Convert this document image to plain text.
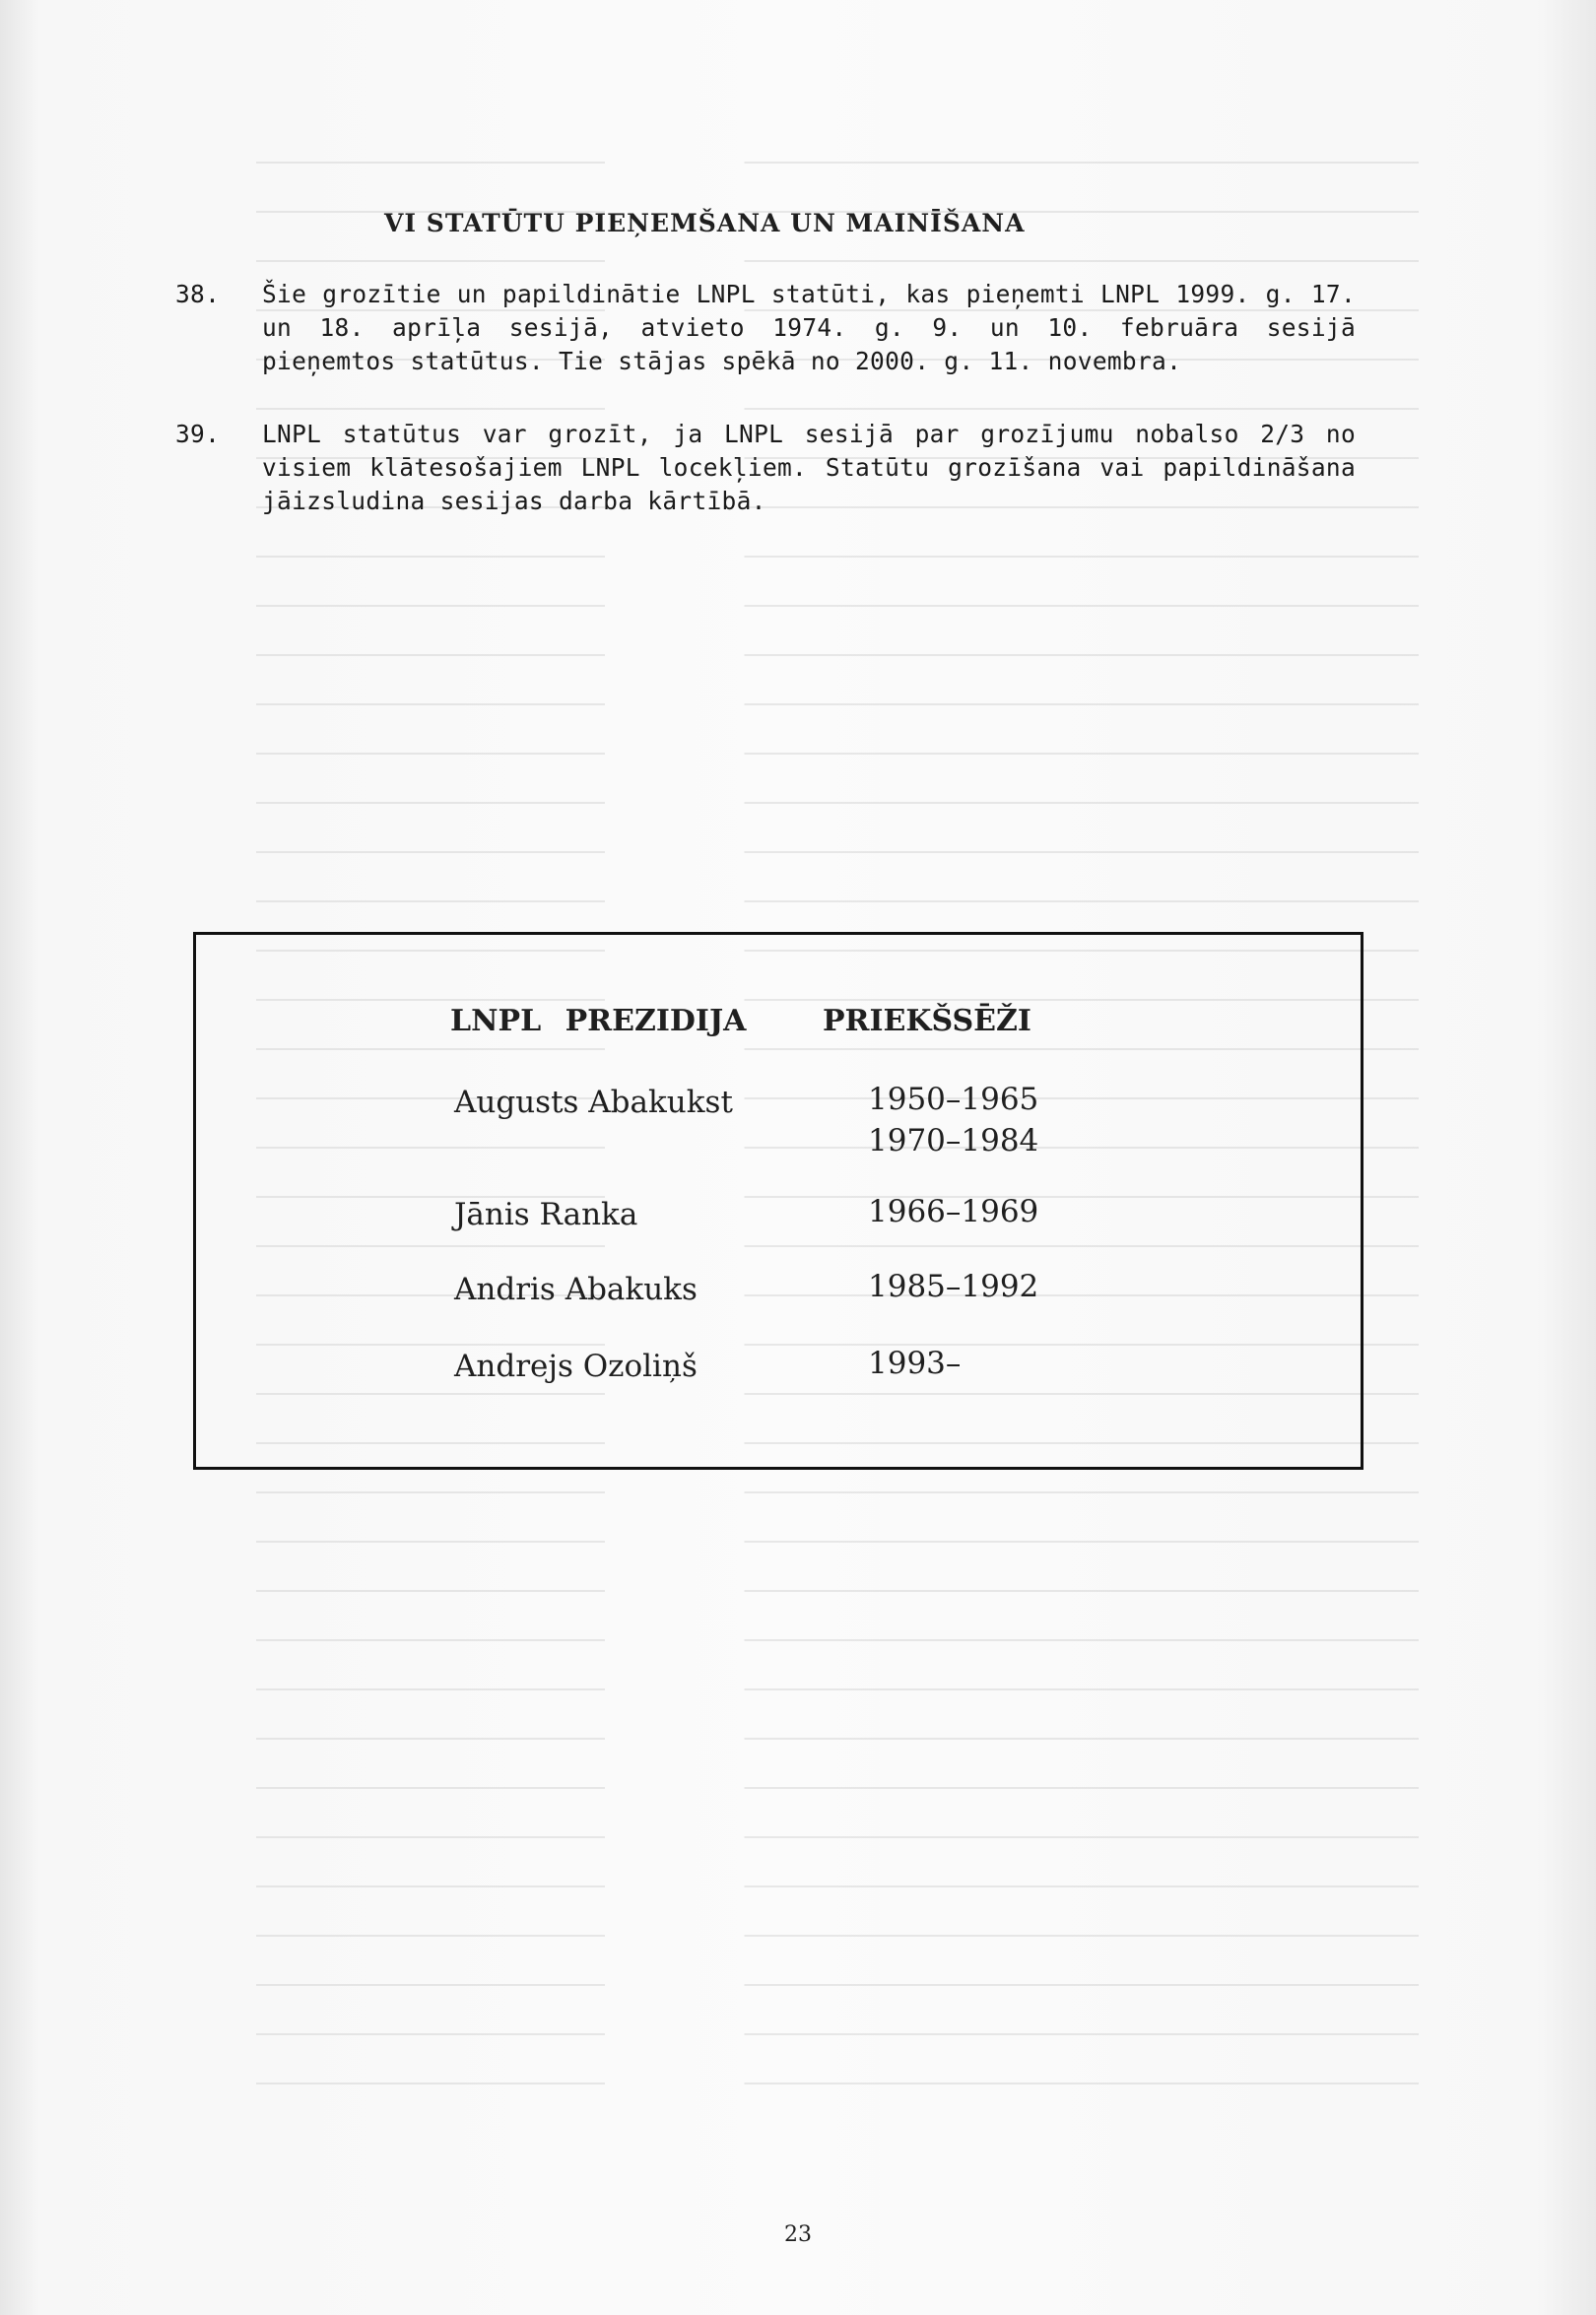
VI STATŪTU PIEŅEMŠANA UN MAINĪŠANA
38. Šie grozītie un papildinātie LNPL statūti, kas pieņemti LNPL 1999. g. 17. un 18. aprīļa sesijā, atvieto 1974. g. 9. un 10. februāra sesijā pieņemtos statūtus. Tie stājas spēkā no 2000. g. 11. novembra.
39. LNPL statūtus var grozīt, ja LNPL sesijā par grozījumu nobalso 2/3 no visiem klātesošajiem LNPL locekļiem. Statūtu grozīšana vai papildināšana jāizsludina sesijas darba kārtībā.
LNPL PREZIDIJA	PRIEKŠSĒŽI
Augusts Abakukst	1950–1965
1970–1984
Jānis Ranka	1966–1969
Andris Abakuks	1985–1992
Andrejs Ozoliņš	1993–
23
